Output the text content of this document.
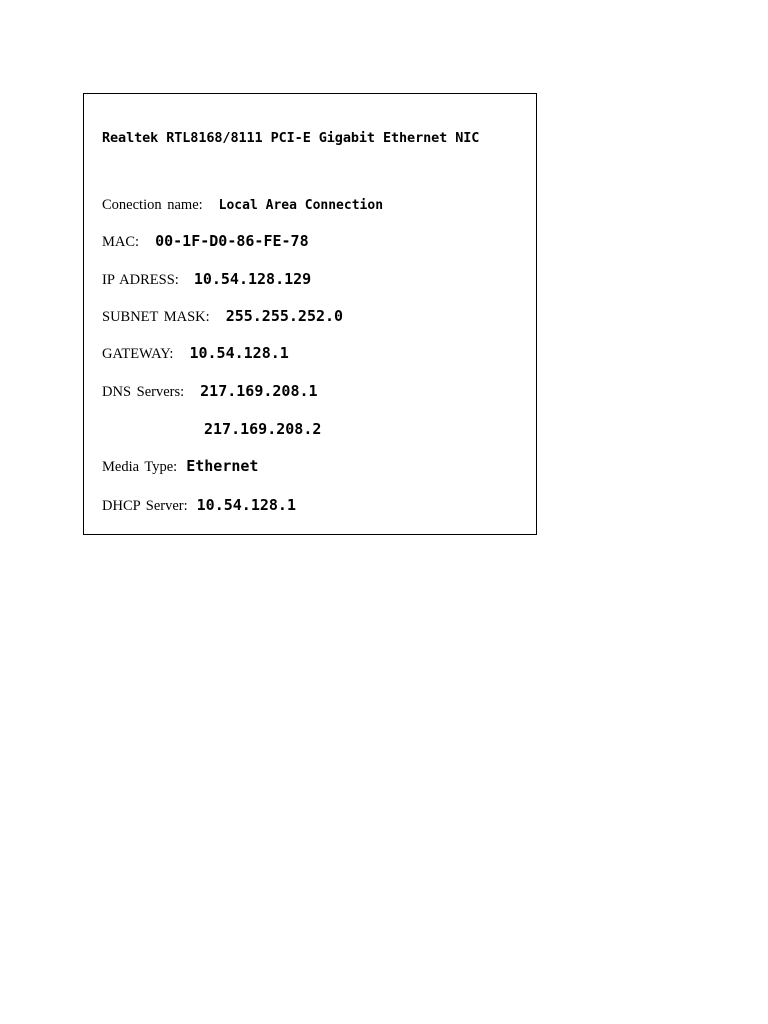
Realtek RTL8168/8111 PCI-E Gigabit Ethernet NIC
Conection name: Local Area Connection
MAC: 00-1F-D0-86-FE-78
IP ADRESS: 10.54.128.129
SUBNET MASK: 255.255.252.0
GATEWAY: 10.54.128.1
DNS Servers: 217.169.208.1
217.169.208.2
Media Type: Ethernet
DHCP Server: 10.54.128.1
